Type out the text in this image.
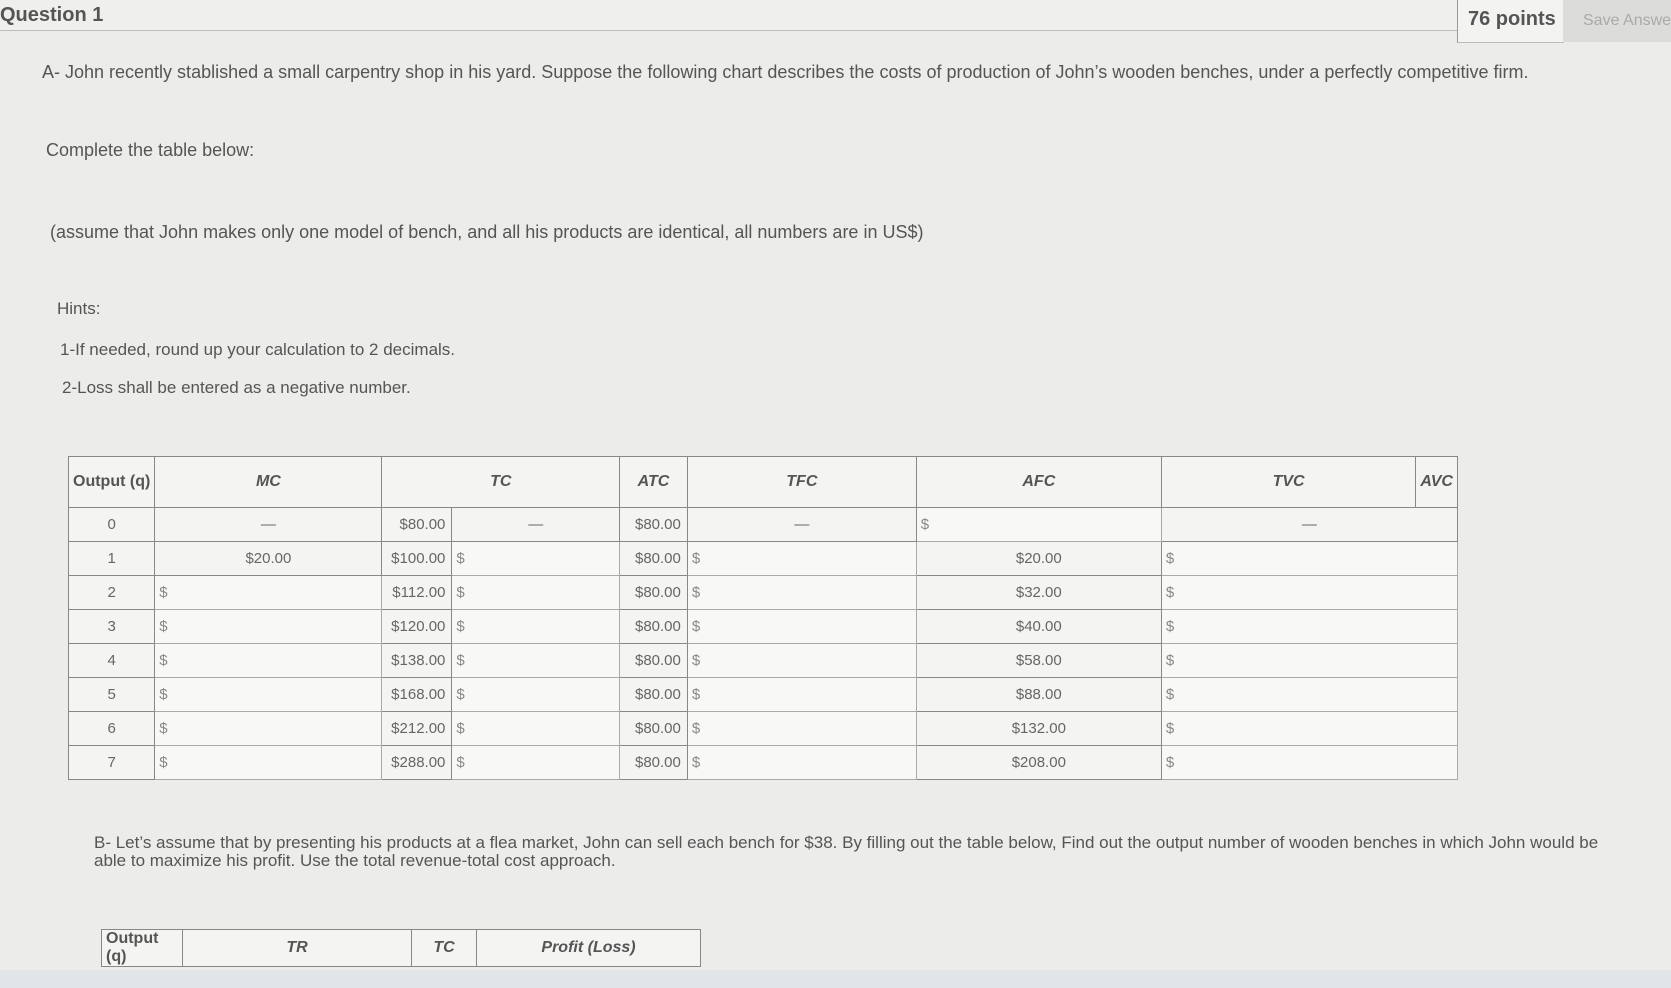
Question 1	76 points	Save Answe
A- John recently stablished a small carpentry shop in his yard. Suppose the following chart describes the costs of production of John’s wooden benches, under a perfectly competitive firm.
Complete the table below:
(assume that John makes only one model of bench, and all his products are identical, all numbers are in US$)
Hints:
1-If needed, round up your calculation to 2 decimals.
2-Loss shall be entered as a negative number.
Output (q)	MC	TC		ATC	TFC	AFC	TVC	AVC
0	—	$80.00	—	$80.00	—	$	—	
1	$20.00	$100.00	$	$80.00	$	$20.00	$	
2	$	$112.00	$	$80.00	$	$32.00	$	
3	$	$120.00	$	$80.00	$	$40.00	$	
4	$	$138.00	$	$80.00	$	$58.00	$	
5	$	$168.00	$	$80.00	$	$88.00	$	
6	$	$212.00	$	$80.00	$	$132.00	$	
7	$	$288.00	$	$80.00	$	$208.00	$	
B- Let’s assume that by presenting his products at a flea market, John can sell each bench for $38. By filling out the table below, Find out the output number of wooden benches in which John would be able to maximize his profit. Use the total revenue-total cost approach.
Output (q)	TR	TC	Profit (Loss)
